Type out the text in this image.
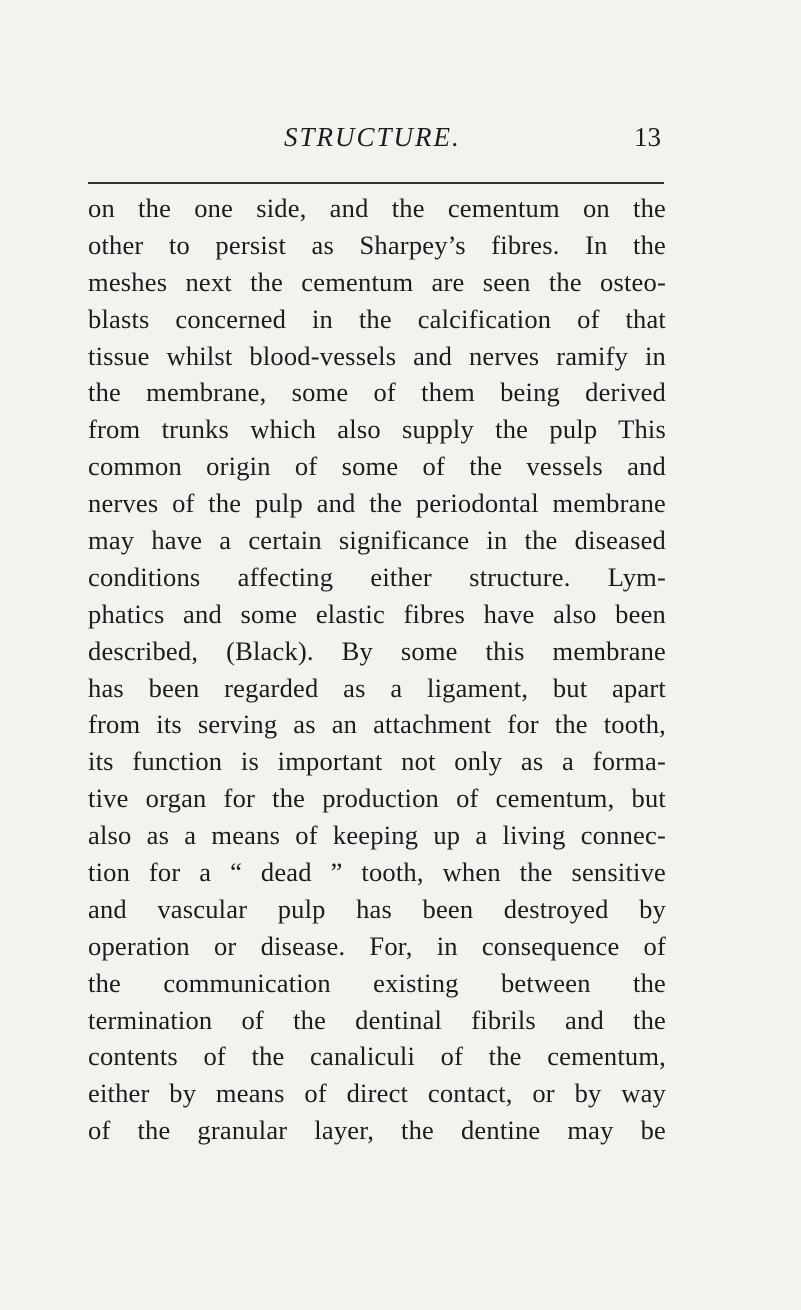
STRUCTURE.	13
on the one side, and the cementum on the
other to persist as Sharpey’s fibres. In the
meshes next the cementum are seen the osteo-
blasts concerned in the calcification of that
tissue whilst blood-vessels and nerves ramify in
the membrane, some of them being derived
from trunks which also supply the pulp This
common origin of some of the vessels and
nerves of the pulp and the periodontal membrane
may have a certain significance in the diseased
conditions affecting either structure. Lym-
phatics and some elastic fibres have also been
described, (Black). By some this membrane
has been regarded as a ligament, but apart
from its serving as an attachment for the tooth,
its function is important not only as a forma-
tive organ for the production of cementum, but
also as a means of keeping up a living connec-
tion for a “ dead ” tooth, when the sensitive
and vascular pulp has been destroyed by
operation or disease. For, in consequence of
the communication existing between the
termination of the dentinal fibrils and the
contents of the canaliculi of the cementum,
either by means of direct contact, or by way
of the granular layer, the dentine may be
